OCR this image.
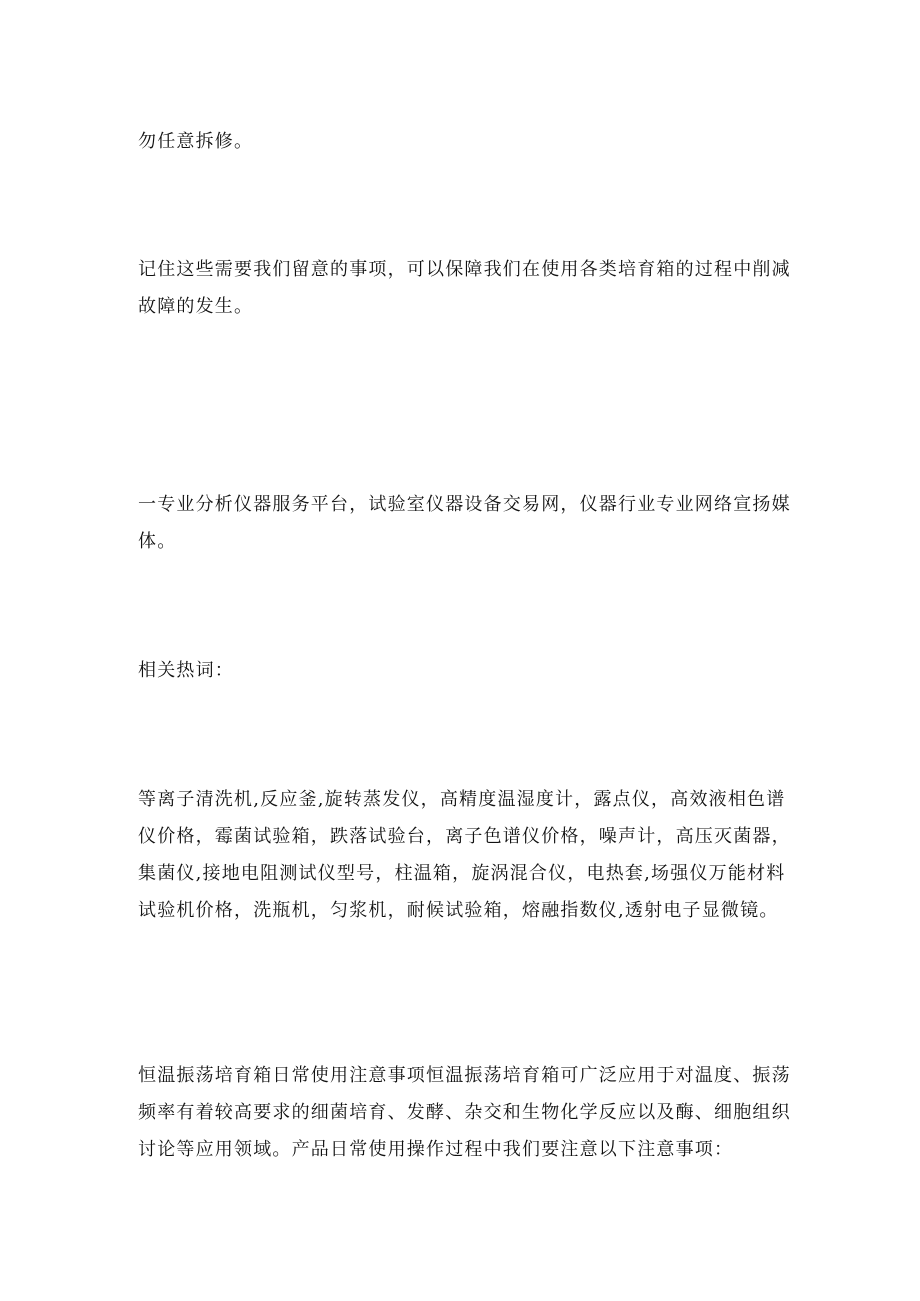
勿任意拆修。

记住这些需要我们留意的事项，可以保障我们在使用各类培育箱的过程中削减故障的发生。

一专业分析仪器服务平台，试验室仪器设备交易网，仪器行业专业网络宣扬媒体。

相关热词：

等离子清洗机,反应釜,旋转蒸发仪，高精度温湿度计，露点仪，高效液相色谱仪价格，霉菌试验箱，跌落试验台，离子色谱仪价格，噪声计，高压灭菌器，集菌仪,接地电阻测试仪型号，柱温箱，旋涡混合仪，电热套,场强仪万能材料试验机价格，洗瓶机，匀浆机，耐候试验箱，熔融指数仪,透射电子显微镜。

恒温振荡培育箱日常使用注意事项恒温振荡培育箱可广泛应用于对温度、振荡频率有着较高要求的细菌培育、发酵、杂交和生物化学反应以及酶、细胞组织讨论等应用领域。产品日常使用操作过程中我们要注意以下注意事项：
